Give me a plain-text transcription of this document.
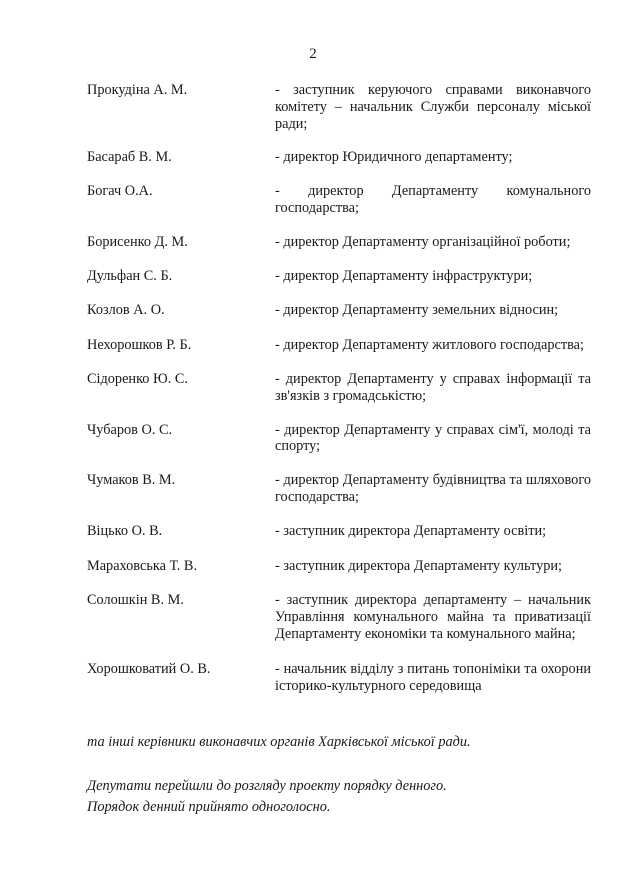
2
Прокудіна А. М.	- заступник керуючого справами виконавчого комітету – начальник Служби персоналу міської ради;
Басараб В. М.	- директор Юридичного департаменту;
Богач О.А.	- директор Департаменту комунального господарства;
Борисенко Д. М.	- директор Департаменту організаційної роботи;
Дульфан С. Б.	- директор Департаменту інфраструктури;
Козлов А. О.	- директор Департаменту земельних відносин;
Нехорошков Р. Б.	- директор Департаменту житлового господарства;
Сідоренко Ю. С.	- директор Департаменту у справах інформації та зв'язків з громадськістю;
Чубаров О. С.	- директор Департаменту у справах сім'ї, молоді та спорту;
Чумаков В. М.	- директор Департаменту будівництва та шляхового господарства;
Віцько О. В.	- заступник директора Департаменту освіти;
Мараховська Т. В.	- заступник директора Департаменту культури;
Солошкін В. М.	- заступник директора департаменту – начальник Управління комунального майна та приватизації Департаменту економіки та комунального майна;
Хорошковатий О. В.	- начальник відділу з питань топоніміки та охорони історико-культурного середовища
та інші керівники виконавчих органів Харківської міської ради.
Депутати перейшли до розгляду проекту порядку денного.
Порядок денний прийнято одноголосно.
